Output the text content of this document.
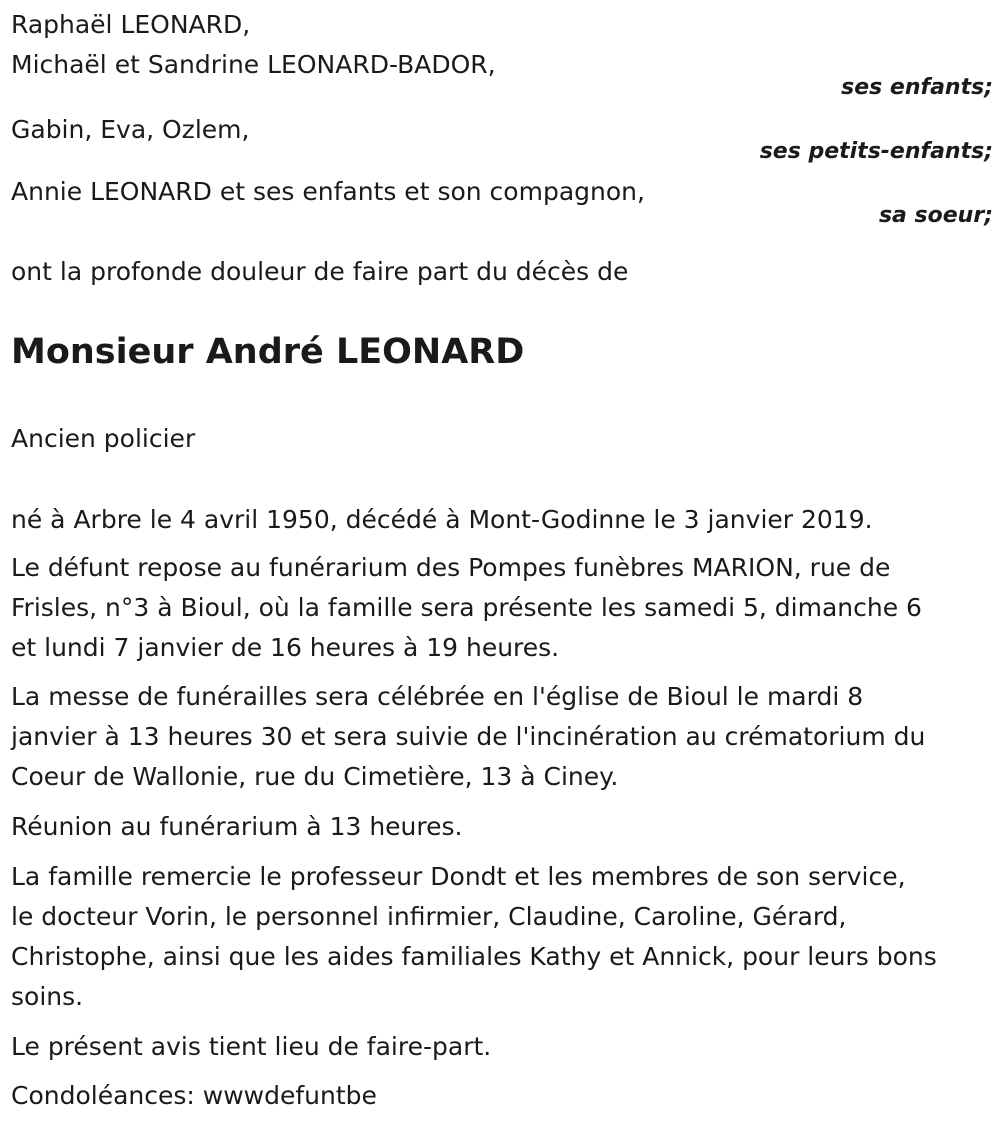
Raphaël LEONARD,
Michaël et Sandrine LEONARD-BADOR,
ses enfants;
Gabin, Eva, Ozlem,
ses petits-enfants;
Annie LEONARD et ses enfants et son compagnon,
sa soeur;
ont la profonde douleur de faire part du décès de
Monsieur André LEONARD
Ancien policier
né à Arbre le 4 avril 1950, décédé à Mont-Godinne le 3 janvier 2019.
Le défunt repose au funérarium des Pompes funèbres MARION, rue de
Frisles, n°3 à Bioul, où la famille sera présente les samedi 5, dimanche 6
et lundi 7 janvier de 16 heures à 19 heures.
La messe de funérailles sera célébrée en l'église de Bioul le mardi 8
janvier à 13 heures 30 et sera suivie de l'incinération au crématorium du
Coeur de Wallonie, rue du Cimetière, 13 à Ciney.
Réunion au funérarium à 13 heures.
La famille remercie le professeur Dondt et les membres de son service,
le docteur Vorin, le personnel infirmier, Claudine, Caroline, Gérard,
Christophe, ainsi que les aides familiales Kathy et Annick, pour leurs bons
soins.
Le présent avis tient lieu de faire-part.
Condoléances: wwwdefuntbe
